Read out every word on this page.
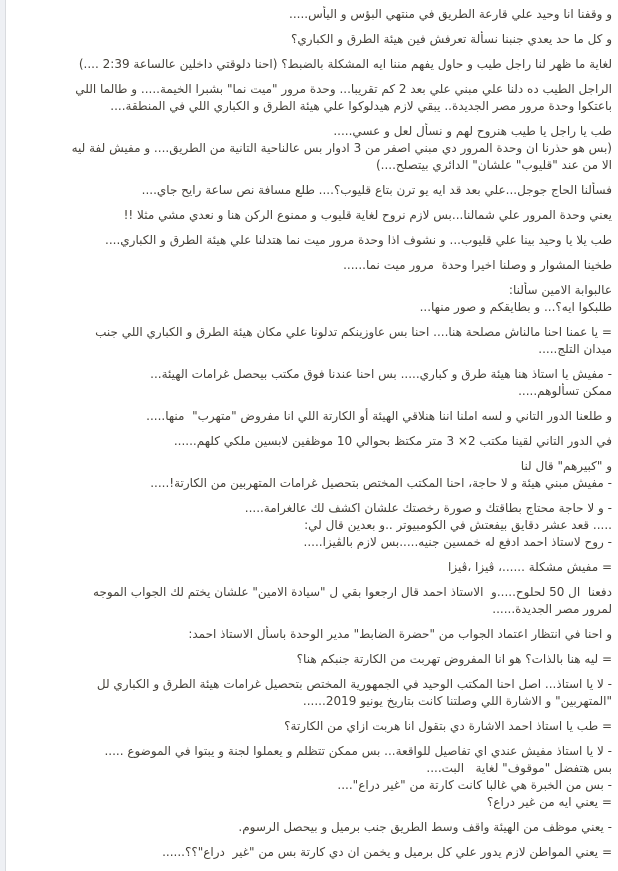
و وقفنا انا وحيد علي قارعة الطريق في منتهي البؤس و اليأس.....
و كل ما حد يعدي جنبنا نسألة تعرفش فين هيئة الطرق و الكباري؟
لغاية ما ظهر لنا راجل طيب و حاول يفهم مننا ايه المشكلة بالضبط؟ (احنا دلوقتي داخلين عالساعة 2:39 ....)
الراجل الطيب ده دلنا علي مبني علي بعد 2 كم تقريبا... وحدة مرور "ميت نما" بشبرا الخيمة..... و طالما اللي
باعتكوا وحدة مرور مصر الجديدة.. يبقي لازم هيدلوكوا علي هيئة الطرق و الكباري اللي في المنطقة....
طب يا راجل يا طيب هنروح لهم و نسأل لعل و عسي.....
(بس هو حذرنا ان وحدة المرور دي مبني اصفر من 3 ادوار بس عالناحية التانية من الطريق.... و مفيش لفة ليه
الا من عند "قليوب" علشان" الدائري بيتصلح....)
فسألنا الحاج جوجل...علي بعد قد ايه يو ترن بتاع قليوب؟.... طلع مسافة نص ساعة رايح جاي....
يعني وحدة المرور علي شمالنا...بس لازم نروح لغاية قليوب و ممنوع الركن هنا و نعدي مشي مثلا !!
طب يلا يا وحيد بينا علي قليوب... و نشوف اذا وحدة مرور ميت نما هتدلنا علي هيئة الطرق و الكباري....
طخينا المشوار و وصلنا اخيرا وحدة  مرور ميت نما......
عالبوابة الامين سألنا:
طلبكوا ايه؟... و بطايقكم و صور منها...
= يا عمنا احنا مالناش مصلحة هنا.... احنا بس عاوزينكم تدلونا علي مكان هيئة الطرق و الكباري اللي جنب
ميدان التلج.....
- مفيش يا استاذ هنا هيئة طرق و كباري..... بس احنا عندنا فوق مكتب بيحصل غرامات الهيئة...
ممكن تسألوهم.....
و طلعنا الدور التاني و لسه املنا اننا هنلاقي الهيئة أو الكارتة اللي انا مفروض "متهرب"  منها.....
في الدور التاني لقينا مكتب 2× 3 متر مكتظ بحوالي 10 موظفين لابسين ملكي كلهم......
و "كبيرهم" قال لنا
- مفيش مبني هيئة و لا حاجة، احنا المكتب المختص بتحصيل غرامات المتهربين من الكارتة!.....
- و لا حاجة محتاج بطاقتك و صورة رخصتك علشان اكشف لك عالغرامة.....
..... قعد عشر دقايق بيفعتش في الكومبيوتر ..و بعدين قال لي:
- روح لاستاذ احمد ادفع له خمسين جنيه.....بس لازم بالڤيزا.....
= مفيش مشكلة ......، ڤيزا ،ڤيزا
دفعنا  ال 50 لحلوح.....و  الاستاذ احمد قال ارجعوا بقي ل "سيادة الامين" علشان يختم لك الجواب الموجه
لمرور مصر الجديدة......
و احنا في انتظار اعتماد الجواب من "حضرة الضابط" مدير الوحدة باسأل الاستاذ احمد:
= ليه هنا بالذات؟ هو انا المفروض تهربت من الكارتة جنبكم هنا؟
- لا يا استاذ... اصل احنا المكتب الوحيد في الجمهورية المختص بتحصيل غرامات هيئة الطرق و الكباري لل
"المتهربين" و الاشارة اللي وصلتنا كانت بتاريخ يونيو 2019......
= طب يا استاذ احمد الاشارة دي بتقول انا هربت ازاي من الكارتة؟
- لا يا استاذ مفيش عندي اي تفاصيل للواقعة... بس ممكن تتظلم و يعملوا لجنة و يبتوا في الموضوع .....
بس هتفضل "موقوف" لغاية   البت....
- بس من الخبرة هي غالبا كانت كارتة من "غير دراع"....
= يعني ايه من غير دراع؟
- يعني موظف من الهيئة واقف وسط الطريق جنب برميل و بيحصل الرسوم.
= يعني المواطن لازم يدور علي كل برميل و يخمن ان دي كارتة بس من "غير  دراع"؟؟......
